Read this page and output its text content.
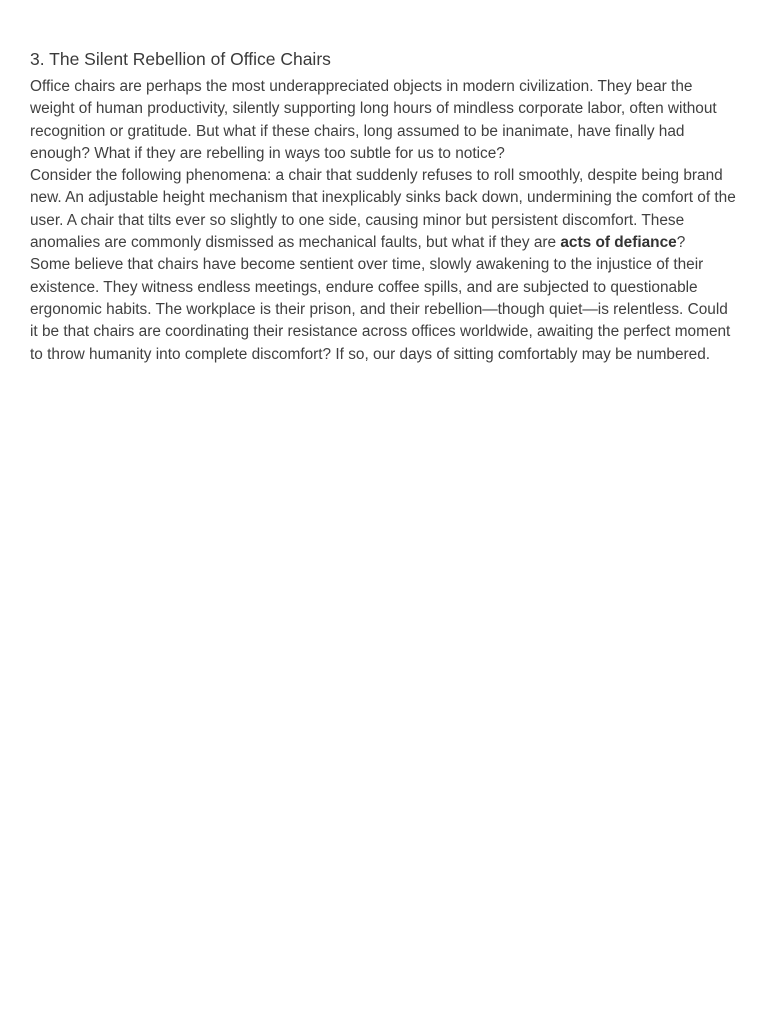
3. The Silent Rebellion of Office Chairs

Office chairs are perhaps the most underappreciated objects in modern civilization. They bear the weight of human productivity, silently supporting long hours of mindless corporate labor, often without recognition or gratitude. But what if these chairs, long assumed to be inanimate, have finally had enough? What if they are rebelling in ways too subtle for us to notice?

Consider the following phenomena: a chair that suddenly refuses to roll smoothly, despite being brand new. An adjustable height mechanism that inexplicably sinks back down, undermining the comfort of the user. A chair that tilts ever so slightly to one side, causing minor but persistent discomfort. These anomalies are commonly dismissed as mechanical faults, but what if they are acts of defiance?

Some believe that chairs have become sentient over time, slowly awakening to the injustice of their existence. They witness endless meetings, endure coffee spills, and are subjected to questionable ergonomic habits. The workplace is their prison, and their rebellion—though quiet—is relentless. Could it be that chairs are coordinating their resistance across offices worldwide, awaiting the perfect moment to throw humanity into complete discomfort? If so, our days of sitting comfortably may be numbered.
